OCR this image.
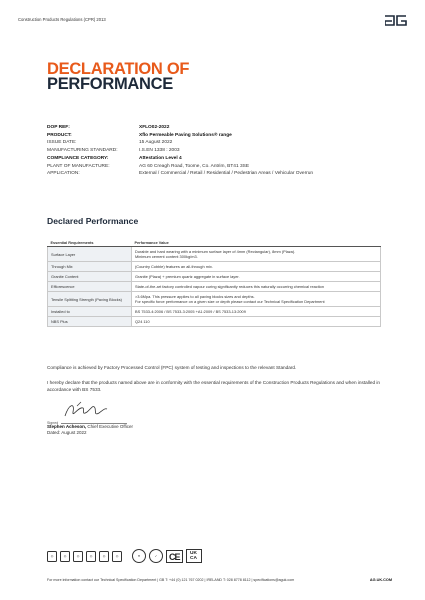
Construction Products Regulations (CPR) 2013
DECLARATION OF
PERFORMANCE
DOP REF:	XFLO02-2022
PRODUCT:	Xflo Permeable Paving Solutions® range
ISSUE DATE:	15 August 2022
MANUFACTURING STANDARD:	I.S.EN 1338 : 2003
COMPLIANCE CATEGORY:	Attestation Level 4
PLANT OF MANUFACTURE:	AG 60 Creagh Road, Toome, Co. Antrim, BT41 3SE
APPLICATION:	External / Commercial / Retail / Residential / Pedestrian Areas / Vehicular Overrun
Declared Performance
Essential Requirements	Performance Value
Surface Layer	Durable and hard wearing with a minimum surface layer of 4mm (Rectangular), 8mm (Plaza).
Minimum cement content 300kg/m3.

Through Mix	(Country Cobble) features an all-through mix.

Granite Content	Granite (Plaza) + premium quartz aggregate in surface layer.

Efflorescence	State-of-the-art factory controlled vapour curing significantly reduces this naturally occurring chemical reaction

Tensile Splitting Strength (Paving Blocks)	>3.6Mpa. This pressure applies to all paving blocks sizes and depths.
For specific force performance on a given size or depth please contact our Technical Specification Department

Installed to	BS 7533-4:2006 / BS 7533-3:2005 +A1:2009 / BS 7533-13:2009

NBS Plus	Q24 110
Compliance is achieved by Factory Processed Control (FPC) system of testing and inspections to the relevant Standard.
I hereby declare that the products named above are in conformity with the essential requirements of the Construction Products Regulations and when installed in accordance with BS 7533.
Signed
Stephen Acheson, Chief Executive Officer
Dated: August 2022
◎	◎	◎	◎	◎	◎	♥	✓	CE	UK
CA
For more information contact our Technical Specification Department | GB T: +44 (0) 121 767 0202 | IRELAND T: 028 8778 8112 | specifications@aguk.com	AG.UK.COM
